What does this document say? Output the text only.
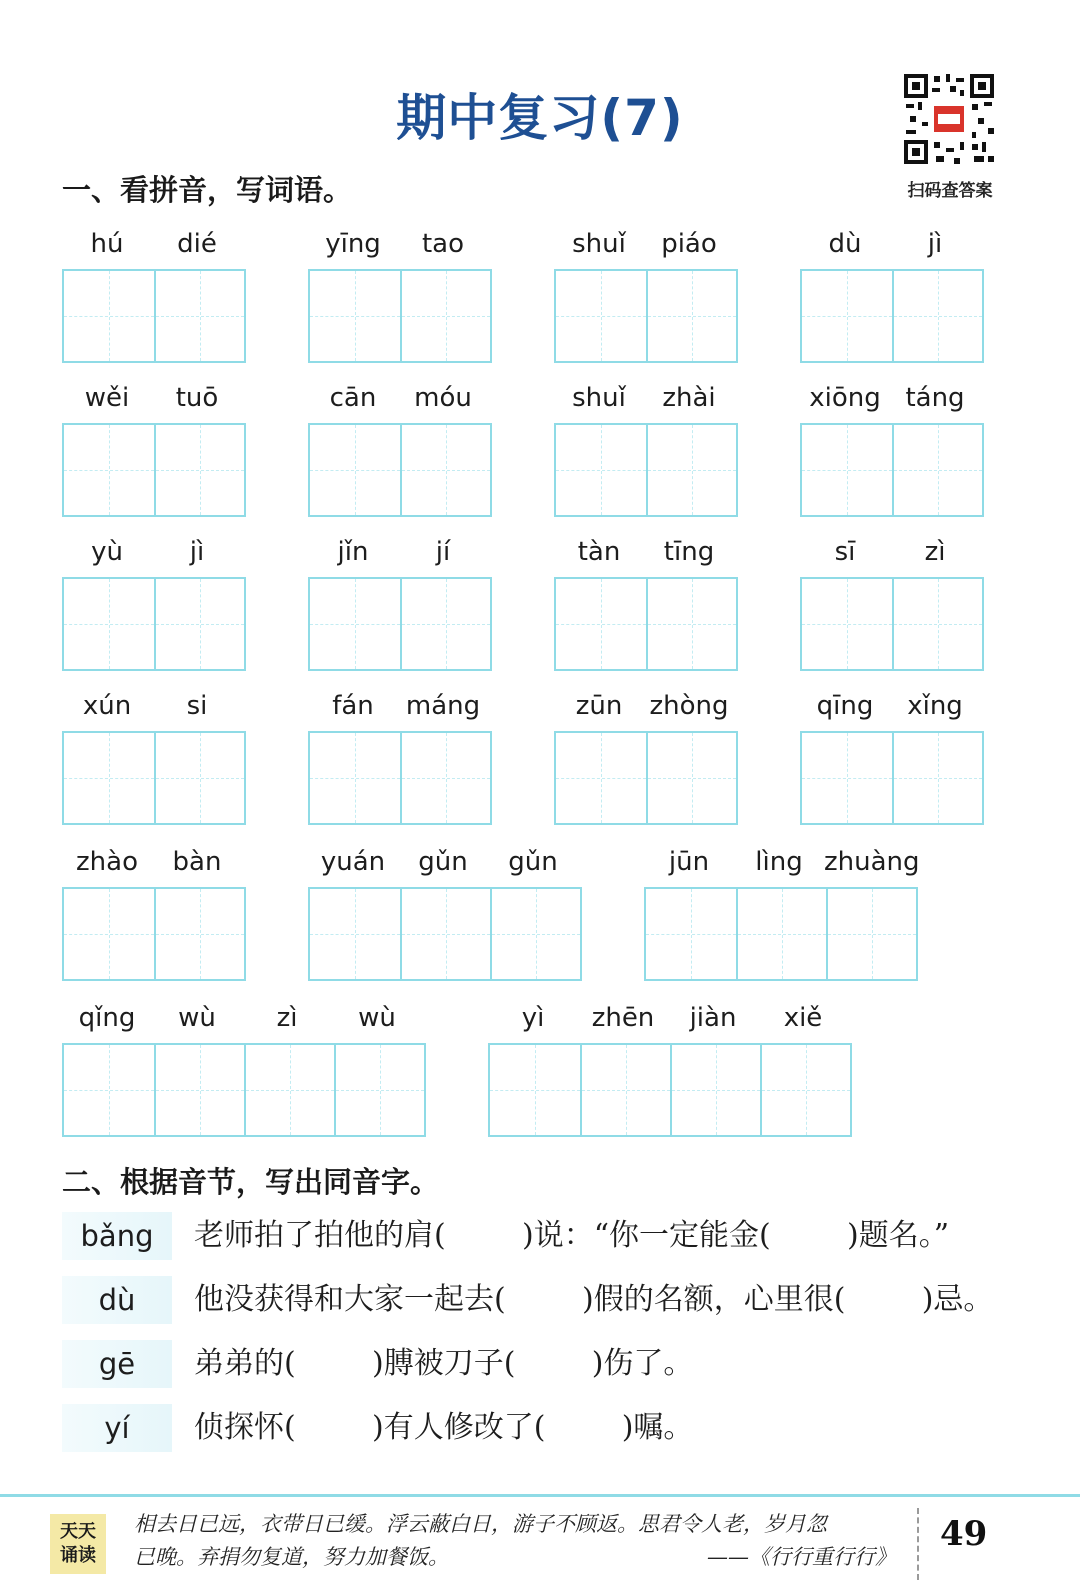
期中复习(7)
扫码查答案
一、看拼音，写词语。
hú	dié	yīng	tao	shuǐ	piáo	dù	jì
wěi	tuō	cān	móu	shuǐ	zhài	xiōng táng
yù	jì	jǐn	jí	tàn	tīng	sī	zì
xún	si	fán	máng	zūn	zhòng	qīng	xǐng
zhào	bàn	yuán	gǔn	gǔn	jūn	lìng zhuàng
qǐng	wù	zì	wù	yì	zhēn	jiàn	xiě
二、根据音节，写出同音字。
bǎng	老师拍了拍他的肩(        )说：“你一定能金(        )题名。”
dù	他没获得和大家一起去(        )假的名额，心里很(        )忌。
gē	弟弟的(        )膊被刀子(        )伤了。
yí	侦探怀(        )有人修改了(        )嘱。
天天
诵读
相去日已远，衣带日已缓。浮云蔽白日，游子不顾返。思君令人老，岁月忽
已晚。弃捐勿复道，努力加餐饭。	——《行行重行行》
49
